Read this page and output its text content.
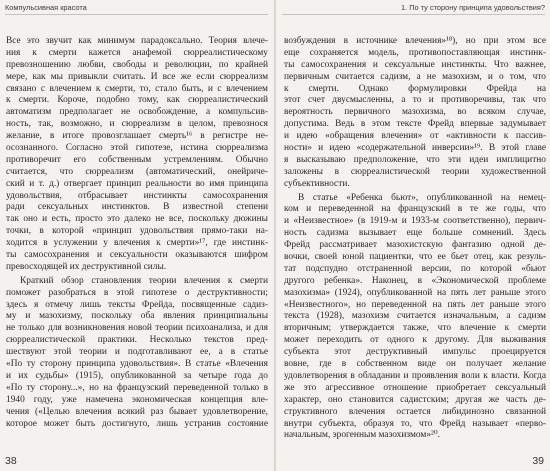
Компульсивная красота
Все это звучит как минимум парадоксально. Теория влече-
ния к смерти кажется анафемой сюрреалистическому
превозношению любви, свободы и революции, по крайней
мере, как мы привыкли считать. И все же если сюрреализм
связано с влечением к смерти, то, стало быть, и с влечением
к смерти. Короче, подобно тому, как сюрреалистический
автоматизм предполагает не освобождение, а компульсив-
ность, так, возможно, и сюрреализм в целом, превознося
желание, в итоге провозглашает смерть¹⁶ в регистре не-
осознанного. Согласно этой гипотезе, истина сюрреализма
противоречит его собственным устремлениям. Обычно
считается, что сюрреализм (автоматический, онейриче-
ский и т. д.) отвергает принцип реальности во имя принципа
удовольствия, отбрасывает инстинкты самосохранения
ради сексуальных инстинктов. В известной степени
так оно и есть, просто это далеко не все, поскольку дюжины
точки, в которой «принцип удовольствия прямо-таки на-
ходится в услужении у влечения к смерти»¹⁷, где инстинк-
ты самосохранения и сексуальности оказываются шифром
превосходящей их деструктивной силы.
Краткий обзор становления теории влечения к смерти
поможет разобраться в этой гипотезе о деструктивности;
здесь я отмечу лишь тексты Фрейда, посвященные садиз-
му и мазохизму, поскольку оба явления принципиальны
не только для возникновения новой теории психоанализа, и для
сюрреалистической практики. Несколько текстов пред-
шествуют этой теории и подготавливают ее, а в статье
«По ту сторону принципа удовольствия». В статье «Влечения
и их судьбы» (1915), опубликованной за четыре года до
«По ту сторону...», но на французский переведенной только в
1940 году, уже намечена экономическая концепция вле-
чения («Целью влечения всякий раз бывает удовлетворение,
которое может быть достигнуто, лишь устранив состояние
38
1. По ту сторону принципа удовольствия?
возбуждения в источнике влечения»¹⁸), но при этом все
еще сохраняется модель, противопоставляющая инстинк-
ты самосохранения и сексуальные инстинкты. Что важнее,
первичным считается садизм, а не мазохизм, и о том, что
к смерти. Однако формулировки Фрейда на
этот счет двусмысленны, а то и противоречивы, так что
вероятность первичного мазохизма, во всяком случае,
допустима. Ведь в этом тексте Фрейд впервые задумывает
и идею «обращения влечения» от «активности к пассив-
ности» и идею «содержательной инверсии»¹⁹. В этой главе
я высказываю предположение, что эти идеи имплицитно
заложены в сюрреалистической теории художественной
субъективности.
В статье «Ребенка бьют», опубликованной на немец-
ком и переведенной на французский в те же годы, что
и «Неизвестное» (в 1919-м и 1933-м соответственно), первич-
ность садизма вызывает еще больше сомнений. Здесь
Фрейд рассматривает мазохистскую фантазию одной де-
вочки, своей юной пациентки, что ее бьет отец, как резуль-
тат подспудно отстраненной версии, по которой «бьют
другого ребенка». Наконец, в «Экономической проблеме
мазохизма» (1924), опубликованной на пять лет раньше этого
«Неизвестного», но переведенной на пять лет раньше этого
текста (1928), мазохизм считается изначальным, а садизм
вторичным; утверждается также, что влечение к смерти
может переходить от одного к другому. Для выживания
субъекта этот деструктивный импульс проецируется
вовне, где в собственном виде он получает желание
удовлетворения в обладании и проявления воли к власти. Когда
же это агрессивное отношение приобретает сексуальный
характер, оно становится садистским; другая же часть де-
структивного влечения остается либидинозно связанной
внутри субъекта, образуя то, что Фрейд называет «перво-
начальным, эрогенным мазохизмом»²⁰.
39
